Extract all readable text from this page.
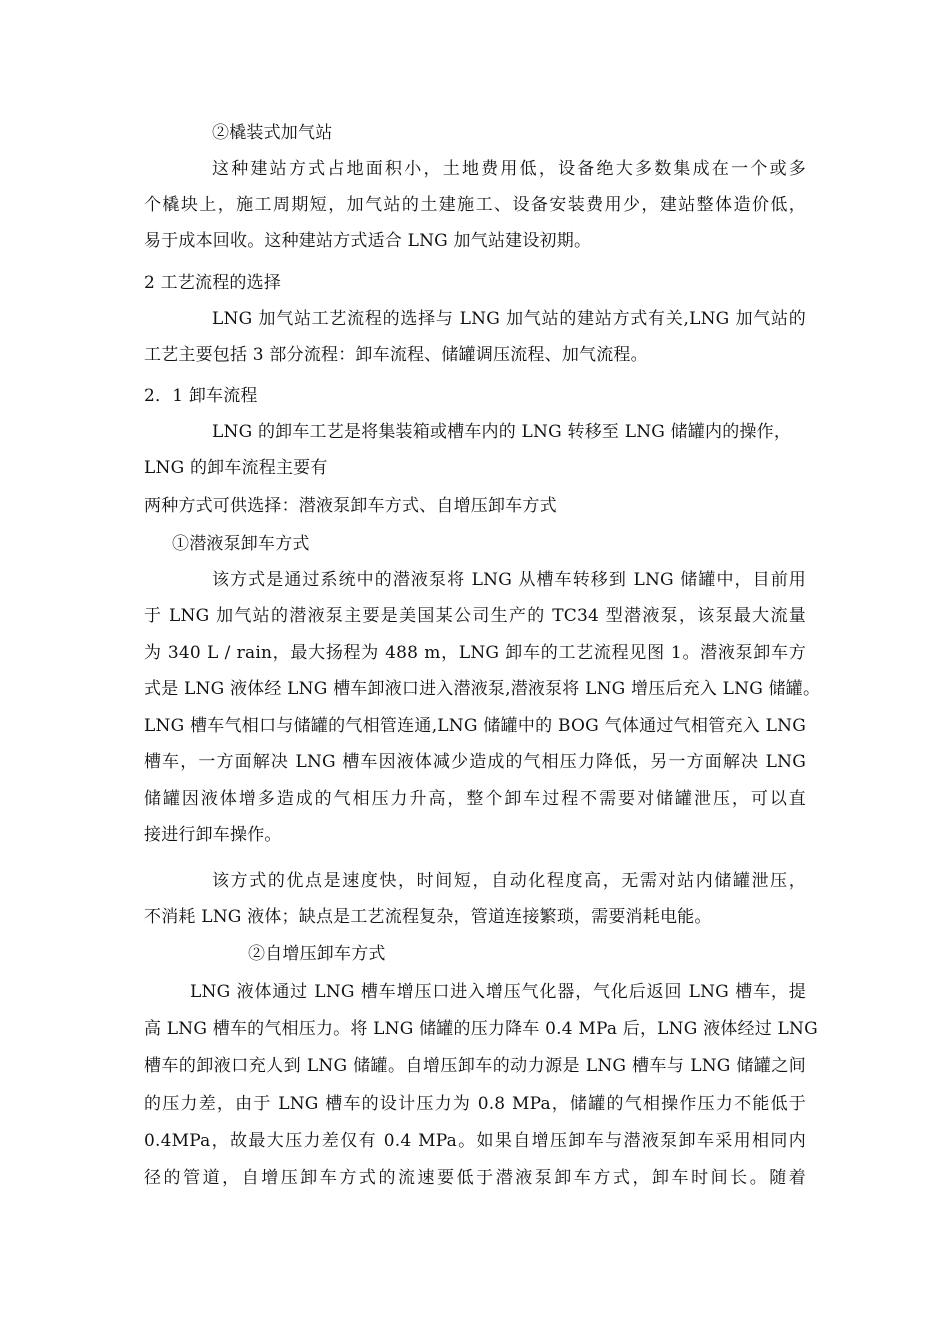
②橇装式加气站
这种建站方式占地面积小，土地费用低，设备绝大多数集成在一个或多
个橇块上，施工周期短，加气站的土建施工、设备安装费用少，建站整体造价低，
易于成本回收。这种建站方式适合 LNG 加气站建设初期。
2 工艺流程的选择
LNG 加气站工艺流程的选择与 LNG 加气站的建站方式有关,LNG 加气站的
工艺主要包括 3 部分流程：卸车流程、储罐调压流程、加气流程。
2．1 卸车流程
LNG 的卸车工艺是将集装箱或槽车内的 LNG 转移至 LNG 储罐内的操作，
LNG 的卸车流程主要有
两种方式可供选择：潜液泵卸车方式、自增压卸车方式
①潜液泵卸车方式
该方式是通过系统中的潜液泵将 LNG 从槽车转移到 LNG 储罐中，目前用
于 LNG 加气站的潜液泵主要是美国某公司生产的 TC34 型潜液泵，该泵最大流量
为 340 L / rain，最大扬程为 488 m，LNG 卸车的工艺流程见图 1。潜液泵卸车方
式是 LNG 液体经 LNG 槽车卸液口进入潜液泵,潜液泵将 LNG 增压后充入 LNG 储罐。
LNG 槽车气相口与储罐的气相管连通,LNG 储罐中的 BOG 气体通过气相管充入 LNG
槽车，一方面解决 LNG 槽车因液体减少造成的气相压力降低，另一方面解决 LNG
储罐因液体增多造成的气相压力升高，整个卸车过程不需要对储罐泄压，可以直
接进行卸车操作。
该方式的优点是速度快，时间短，自动化程度高，无需对站内储罐泄压，
不消耗 LNG 液体；缺点是工艺流程复杂，管道连接繁琐，需要消耗电能。
②自增压卸车方式
LNG 液体通过 LNG 槽车增压口进入增压气化器，气化后返回 LNG 槽车，提
高 LNG 槽车的气相压力。将 LNG 储罐的压力降车 0.4 MPa 后，LNG 液体经过 LNG
槽车的卸液口充人到 LNG 储罐。自增压卸车的动力源是 LNG 槽车与 LNG 储罐之间
的压力差，由于 LNG 槽车的设计压力为 0.8 MPa，储罐的气相操作压力不能低于
0.4MPa，故最大压力差仅有 0.4 MPa。如果自增压卸车与潜液泵卸车采用相同内
径的管道，自增压卸车方式的流速要低于潜液泵卸车方式，卸车时间长。随着
